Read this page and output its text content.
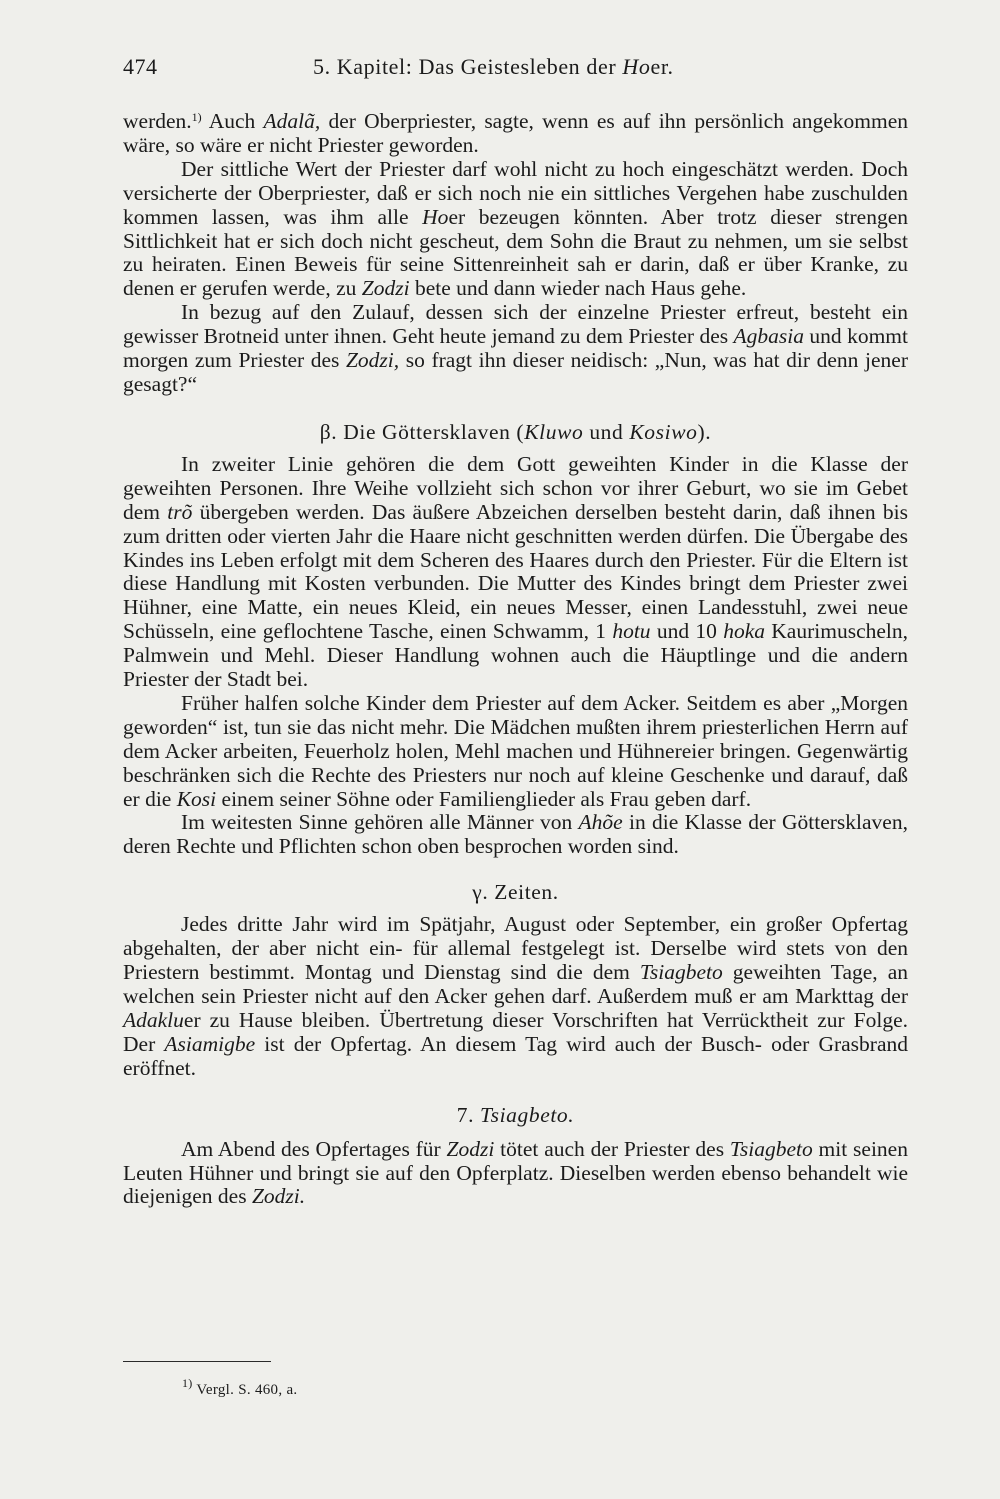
474	5. Kapitel: Das Geistesleben der Hoer.

werden.$^{1)}$ Auch Adalã, der Oberpriester, sagte, wenn es auf ihn persönlich angekommen wäre, so wäre er nicht Priester geworden.

Der sittliche Wert der Priester darf wohl nicht zu hoch eingeschätzt werden. Doch versicherte der Oberpriester, daß er sich noch nie ein sittliches Vergehen habe zuschulden kommen lassen, was ihm alle Hoer bezeugen könnten. Aber trotz dieser strengen Sittlichkeit hat er sich doch nicht gescheut, dem Sohn die Braut zu nehmen, um sie selbst zu heiraten. Einen Beweis für seine Sittenreinheit sah er darin, daß er über Kranke, zu denen er gerufen werde, zu Zodzi bete und dann wieder nach Haus gehe.

In bezug auf den Zulauf, dessen sich der einzelne Priester erfreut, besteht ein gewisser Brotneid unter ihnen. Geht heute jemand zu dem Priester des Agbasia und kommt morgen zum Priester des Zodzi, so fragt ihn dieser neidisch: „Nun, was hat dir denn jener gesagt?“

β. Die Göttersklaven (Kluwo und Kosiwo).

In zweiter Linie gehören die dem Gott geweihten Kinder in die Klasse der geweihten Personen. Ihre Weihe vollzieht sich schon vor ihrer Geburt, wo sie im Gebet dem trõ übergeben werden. Das äußere Abzeichen derselben besteht darin, daß ihnen bis zum dritten oder vierten Jahr die Haare nicht geschnitten werden dürfen. Die Übergabe des Kindes ins Leben erfolgt mit dem Scheren des Haares durch den Priester. Für die Eltern ist diese Handlung mit Kosten verbunden. Die Mutter des Kindes bringt dem Priester zwei Hühner, eine Matte, ein neues Kleid, ein neues Messer, einen Landesstuhl, zwei neue Schüsseln, eine geflochtene Tasche, einen Schwamm, 1 hotu und 10 hoka Kaurimuscheln, Palmwein und Mehl. Dieser Handlung wohnen auch die Häuptlinge und die andern Priester der Stadt bei.

Früher halfen solche Kinder dem Priester auf dem Acker. Seitdem es aber „Morgen geworden“ ist, tun sie das nicht mehr. Die Mädchen mußten ihrem priesterlichen Herrn auf dem Acker arbeiten, Feuerholz holen, Mehl machen und Hühnereier bringen. Gegenwärtig beschränken sich die Rechte des Priesters nur noch auf kleine Geschenke und darauf, daß er die Kosi einem seiner Söhne oder Familienglieder als Frau geben darf.

Im weitesten Sinne gehören alle Männer von Ahõe in die Klasse der Göttersklaven, deren Rechte und Pflichten schon oben besprochen worden sind.

γ. Zeiten.

Jedes dritte Jahr wird im Spätjahr, August oder September, ein großer Opfertag abgehalten, der aber nicht ein- für allemal festgelegt ist. Derselbe wird stets von den Priestern bestimmt. Montag und Dienstag sind die dem Tsiagbeto geweihten Tage, an welchen sein Priester nicht auf den Acker gehen darf. Außerdem muß er am Markttag der Adakluer zu Hause bleiben. Übertretung dieser Vorschriften hat Verrücktheit zur Folge. Der Asiamigbe ist der Opfertag. An diesem Tag wird auch der Busch- oder Grasbrand eröffnet.

7. Tsiagbeto.

Am Abend des Opfertages für Zodzi tötet auch der Priester des Tsiagbeto mit seinen Leuten Hühner und bringt sie auf den Opferplatz. Dieselben werden ebenso behandelt wie diejenigen des Zodzi.

$^{1)}$ Vergl. S. 460, a.
